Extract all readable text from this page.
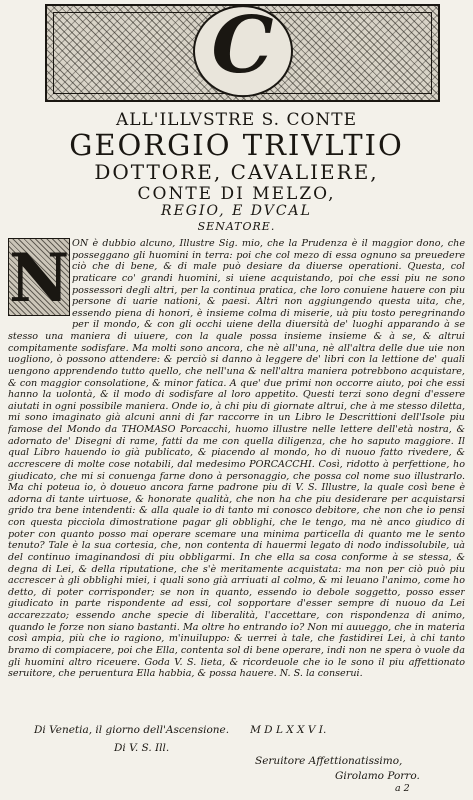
C
ALL'ILLVSTRE S. CONTE
GEORGIO TRIVLTIO
DOTTORE, CAVALIERE,
CONTE DI MELZO,
REGIO, E DVCAL
SENATORE.
N ON è dubbio alcuno, Illustre Sig. mio, che la Prudenza è il maggior dono, che posseggano gli huomini in terra: poi che col mezo di essa ognuno sa preuedere ciò che di bene, & di male può desiare da diuerse operationi. Questa, col praticare co' grandi huomini, si uiene acquistando, poi che essi piu ne sono possessori degli altri, per la continua pratica, che loro conuiene hauere con piu persone di uarie nationi, & paesi. Altri non aggiungendo questa uita, che, essendo piena di honori, è insieme colma di miserie, uà piu tosto peregrinando per il mondo, & con gli occhi uiene della diuersità de' luoghi apparando à se stesso una maniera di uiuere, con la quale possa insieme insieme & à se, & altrui compitamente sodisfare. Ma molti sono ancora, che nè all'una, nè all'altra delle due uie non uogliono, ò possono attendere: & perciò si danno à leggere de' libri con la lettione de' quali uengono apprendendo tutto quello, che nell'una & nell'altra maniera potrebbono acquistare, & con maggior consolatione, & minor fatica. A que' due primi non occorre aiuto, poi che essi hanno la uolontà, & il modo di sodisfare al loro appetito. Questi terzi sono degni d'essere aiutati in ogni possibile maniera. Onde io, à chi piu di giornate altrui, che à me stesso diletta, mi sono imaginato già alcuni anni di far raccorre in un Libro le Descrittioni dell'Isole piu famose del Mondo da THOMASO Porcacchi, huomo illustre nelle lettere dell'età nostra, & adornato de' Disegni di rame, fatti da me con quella diligenza, che ho saputo maggiore. Il qual Libro hauendo io già publicato, & piacendo al mondo, ho di nuouo fatto rivedere, & accrescere di molte cose notabili, dal medesimo PORCACCHI. Così, ridotto à perfettione, ho giudicato, che mi si conuenga farne dono à personaggio, che possa col nome suo illustrarlo. Ma chi poteua io, ò doueuo ancora farne padrone piu di V. S. Illustre, la quale così bene è adorna di tante uirtuose, & honorate qualità, che non ha che piu desiderare per acquistarsi grido tra bene intendenti: & alla quale io di tanto mi conosco debitore, che non che io pensi con questa picciola dimostratione pagar gli obblighi, che le tengo, ma nè anco giudico di poter con quanto posso mai operare scemare una minima particella di quanto me le sento tenuto? Tale è la sua cortesia, che, non contenta di hauermi legato di nodo indissolubile, uà del continuo imaginandosi di piu obbligarmi. In che ella sa cosa conforme à se stessa, & degna di Lei, & della riputatione, che s'è meritamente acquistata: ma non per ciò può piu accrescer à gli obblighi miei, i quali sono già arriuati al colmo, & mi leuano l'animo, come ho detto, di poter corrisponder; se non in quanto, essendo io debole soggetto, posso esser giudicato in parte rispondente ad essi, col sopportare d'esser sempre di nuouo da Lei accarezzato; essendo anche specie di liberalità, l'accettare, con rispondenza di animo, quando le forze non siano bastanti. Ma oltre ho entrando io? Non mi auueggo, che in materia così ampia, più che io ragiono, m'inuiluppo: & uerrei à tale, che fastidirei Lei, à chi tanto bramo di compiacere, poi che Ella, contenta sol di bene operare, indi non ne spera ò vuole da gli huomini altro riceuere. Goda V. S. lieta, & ricordeuole che io le sono il piu affettionato seruitore, che peruentura Ella habbia, & possa hauere. N. S. la conserui.

Di Venetia, il giorno dell'Ascensione.   M D L X X V I.

Di V. S. Ill.

Seruitore Affettionatissimo,

Girolamo Porro.

a 2
